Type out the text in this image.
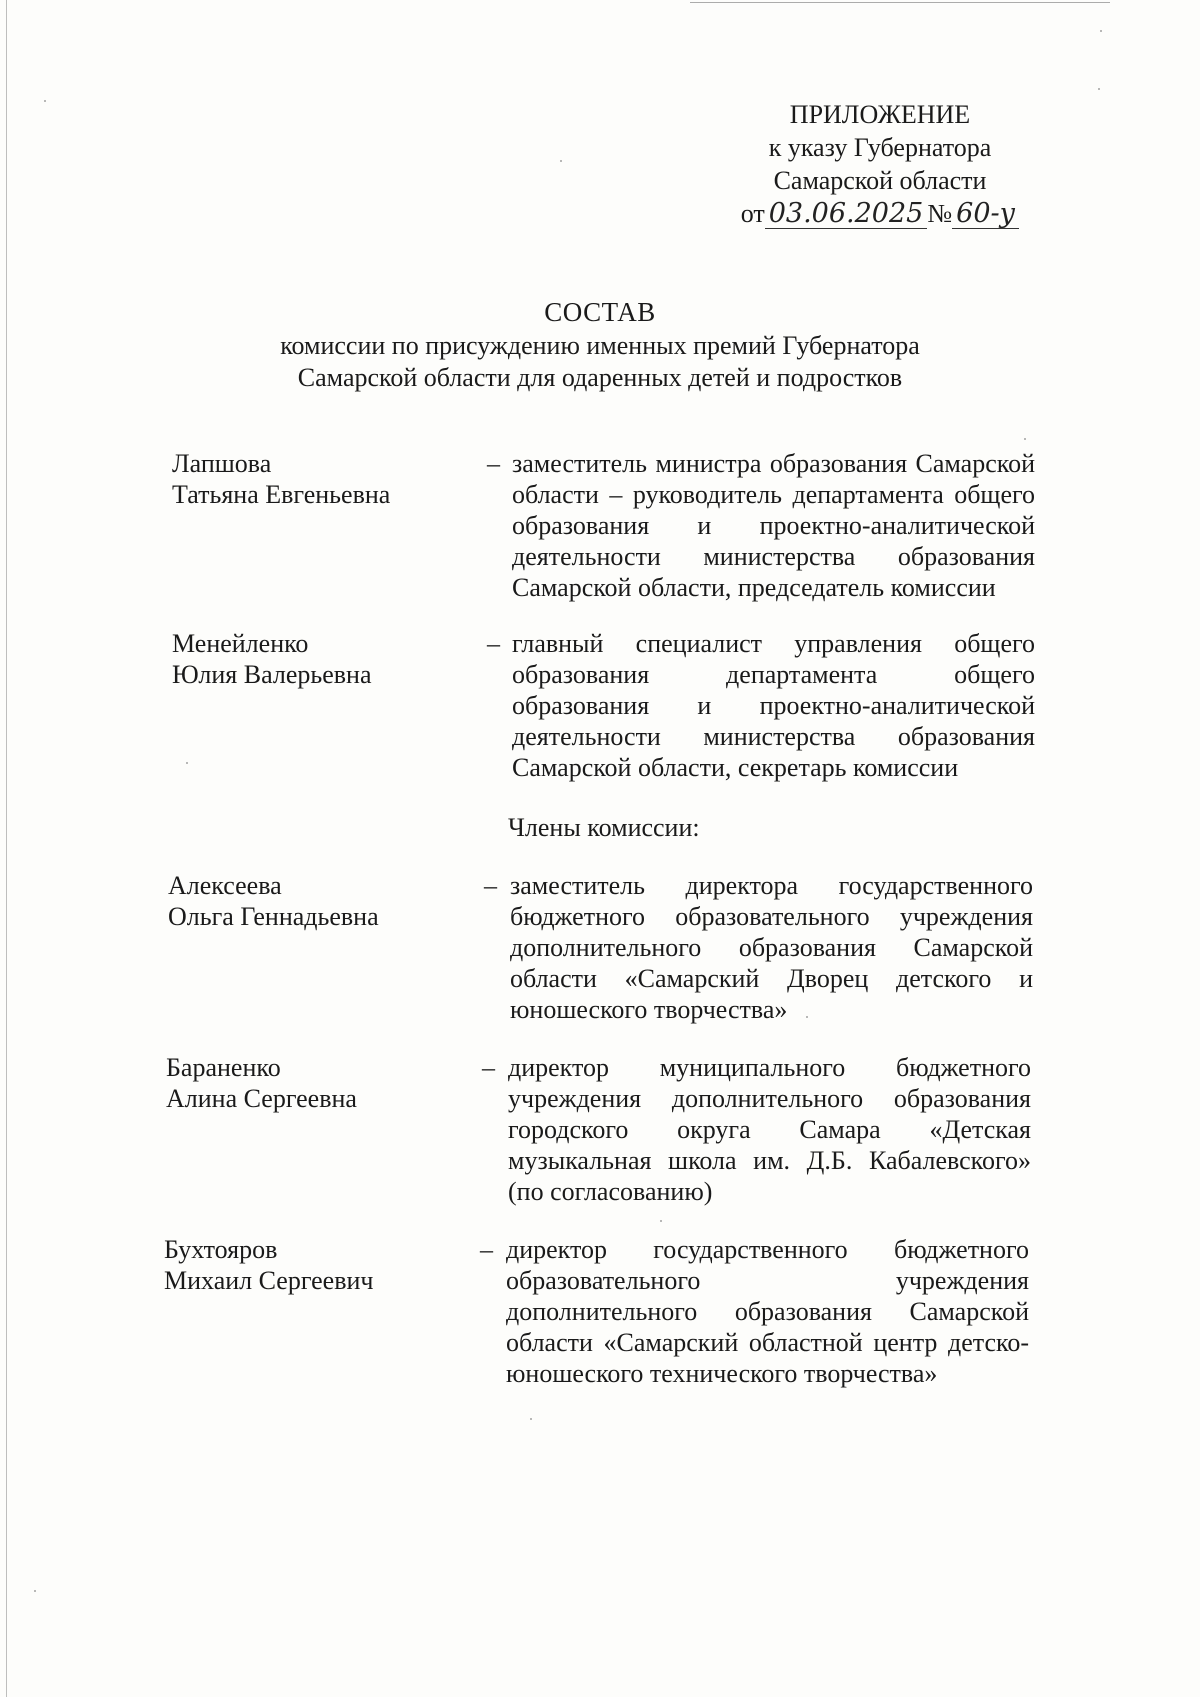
ПРИЛОЖЕНИЕ
к указу Губернатора
Самарской области
от 03.06.2025 № 60-у
СОСТАВ
комиссии по присуждению именных премий Губернатора
Самарской области для одаренных детей и подростков
Лапшова
Татьяна Евгеньевна
– заместитель министра образования Самарской области – руководитель департамента общего образования и проектно-аналитической деятельности министерства образования Самарской области, председатель комиссии
Менейленко
Юлия Валерьевна
– главный специалист управления общего образования департамента общего образования и проектно-аналитической деятельности министерства образования Самарской области, секретарь комиссии
Члены комиссии:
Алексеева
Ольга Геннадьевна
– заместитель директора государственного бюджетного образовательного учреждения дополнительного образования Самарской области «Самарский Дворец детского и юношеского творчества»
Бараненко
Алина Сергеевна
– директор муниципального бюджетного учреждения дополнительного образования городского округа Самара «Детская музыкальная школа им. Д.Б. Кабалевского» (по согласованию)
Бухтояров
Михаил Сергеевич
– директор государственного бюджетного образовательного учреждения дополнительного образования Самарской области «Самарский областной центр детско-юношеского технического творчества»
